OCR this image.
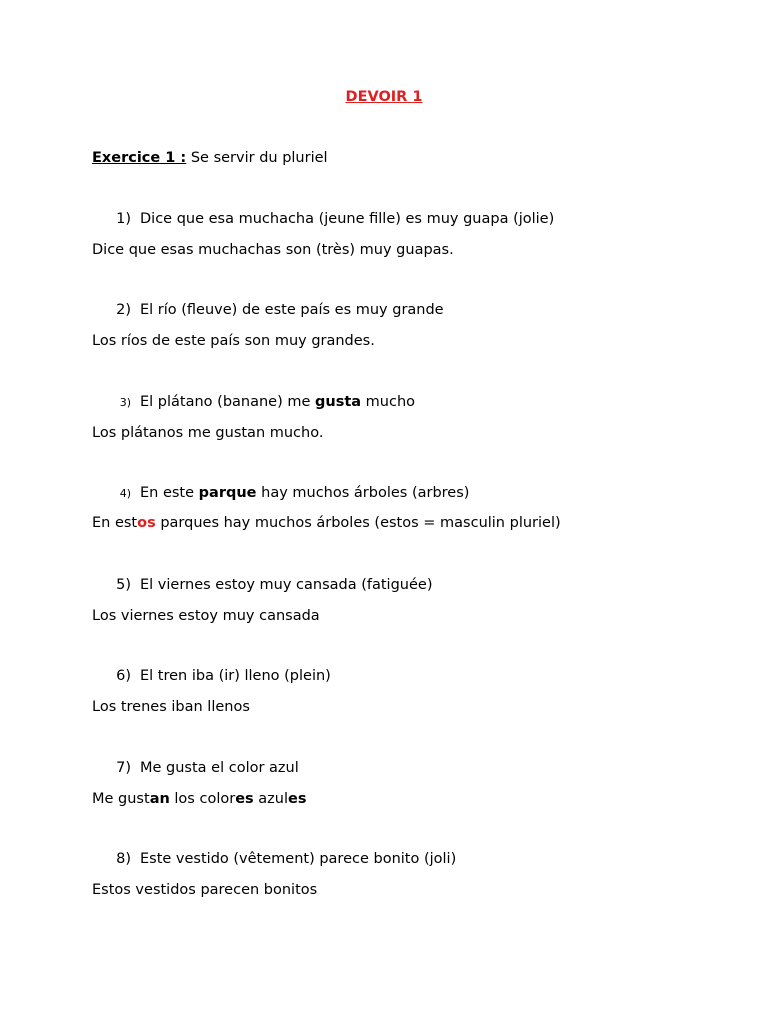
DEVOIR 1
Exercice 1 : Se servir du pluriel
1) Dice que esa muchacha (jeune fille) es muy guapa (jolie)
Dice que esas muchachas son (très) muy guapas.
2) El río (fleuve) de este país es muy grande
Los ríos de este país son muy grandes.
3) El plátano (banane) me gusta mucho
Los plátanos me gustan mucho.
4) En este parque hay muchos árboles (arbres)
En estos parques hay muchos árboles (estos = masculin pluriel)
5) El viernes estoy muy cansada (fatiguée)
Los viernes estoy muy cansada
6) El tren iba (ir) lleno (plein)
Los trenes iban llenos
7) Me gusta el color azul
Me gustan los colores azules
8) Este vestido (vêtement) parece bonito (joli)
Estos vestidos parecen bonitos
